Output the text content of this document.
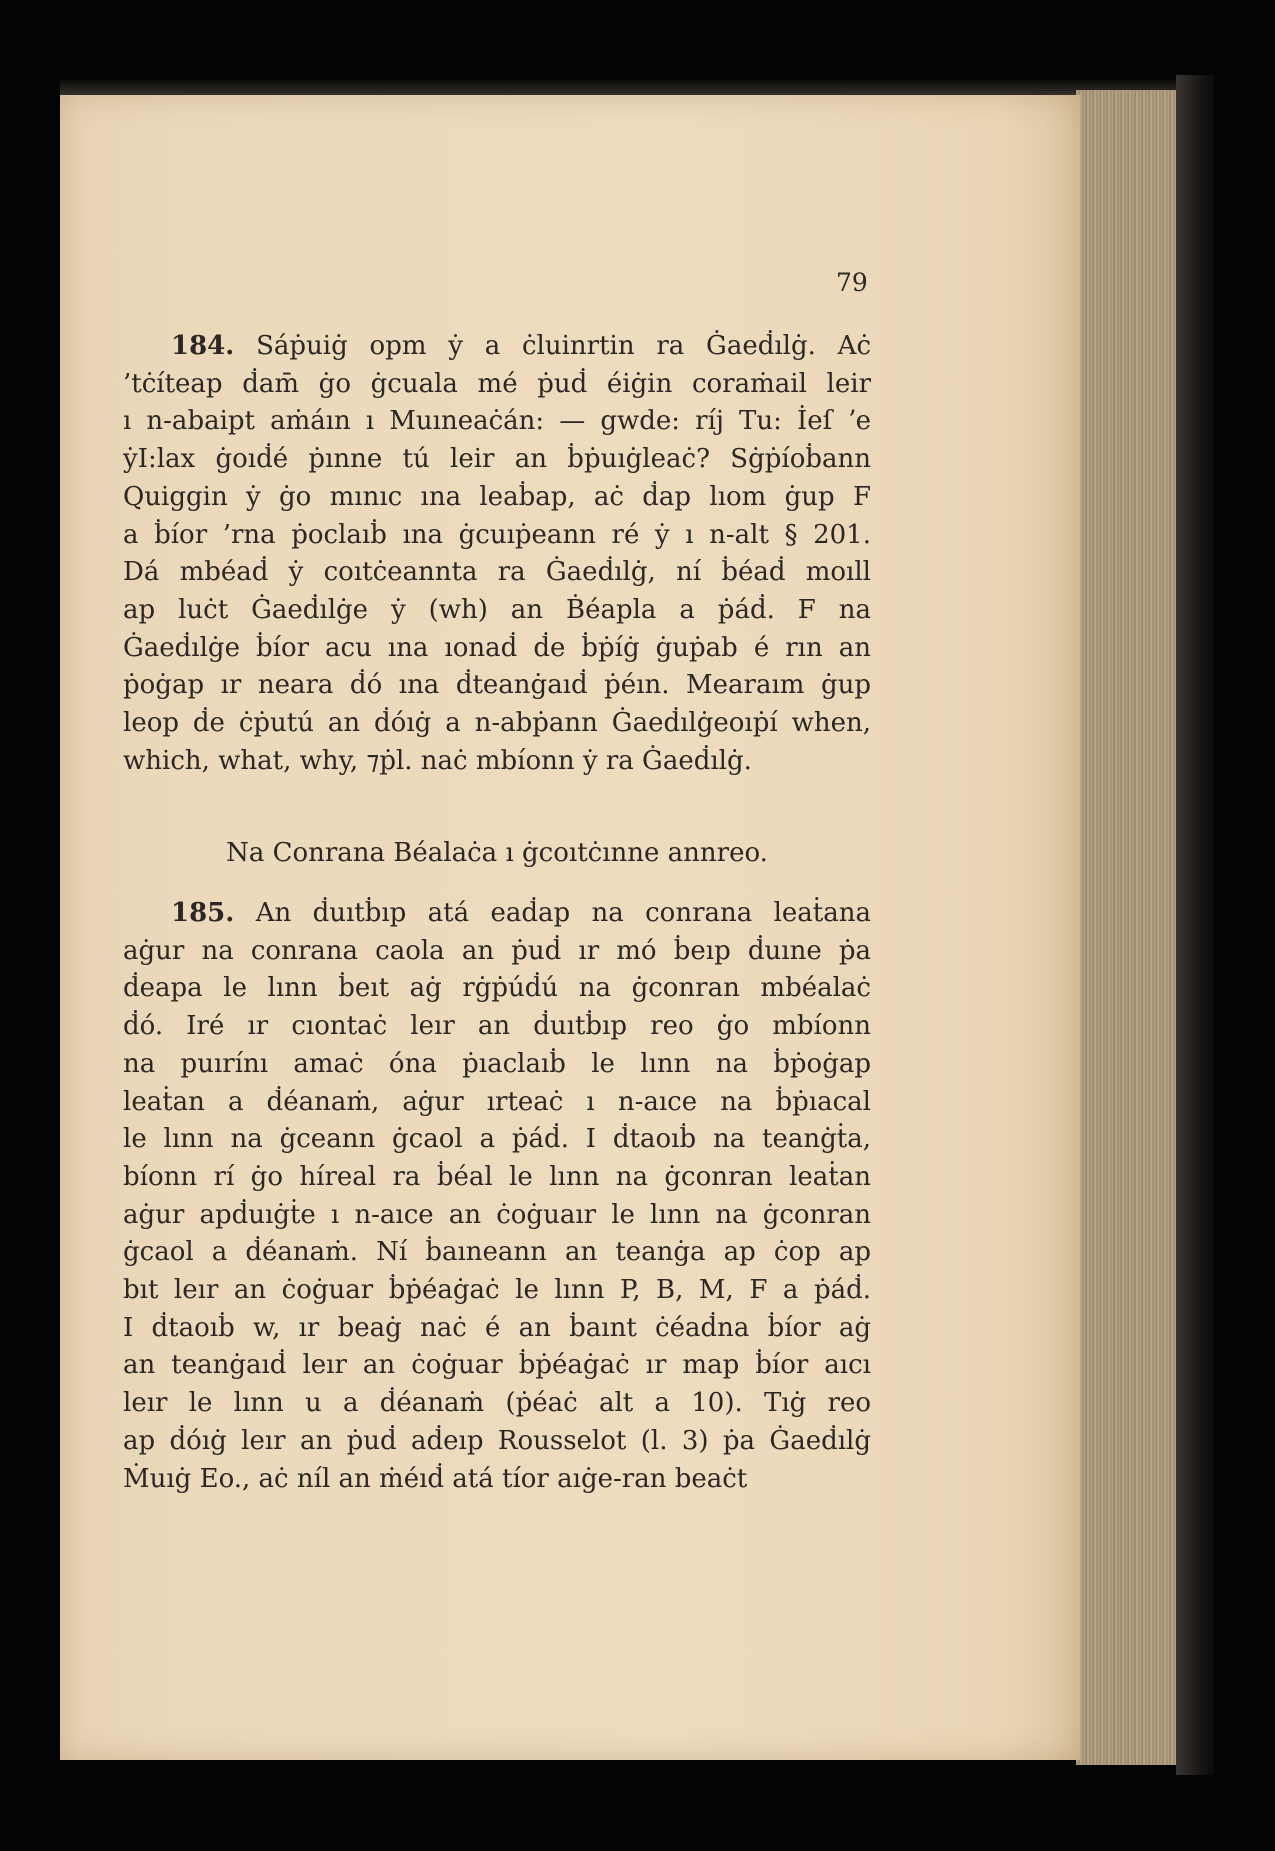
79
184. Sáṗuiġ opm ẏ a ċluinrtin ra Ġaeḋılġ. Aċ
’tċíteap ḋam̄ ġo ġcuala mé ṗuḋ éiġin coraṁail leir
ı n-abaipt aṁáın ı Muıneaċán: — gwde: ríj Tu: İeſ ʼe
ẏI:lax ġoıḋé ṗınne tú leir an ḃṗuıġleaċ? Sġṗíoḃann
Quiggin ẏ ġo mınıc ına leaḃap, aċ ḋap lıom ġup F
a ḃíor ’rna ṗoclaıḃ ına ġcuıṗeann ré ẏ ı n-alt § 201.
Dá mbéaḋ ẏ coıtċeannta ra Ġaeḋılġ, ní ḃéaḋ moıll
ap luċt Ġaeḋılġe ẏ (wh) an Ḃéapla a ṗáḋ. F na
Ġaeḋılġe ḃíor acu ına ıonaḋ ḋe ḃṗíġ ġuṗab é rın an
ṗoġap ır neara ḋó ına ḋteanġaıḋ ṗéın. Mearaım ġup
leop ḋe ċṗutú an ḋóıġ a n-abṗann Ġaeḋılġeoıṗí when,
which, what, why, ⁊ṗl. naċ mbíonn ẏ ra Ġaeḋılġ.
Na Conrana Béalaċa ı ġcoıtċınne annreo.
185. An ḋuıtḃıp atá eaḋap na conrana leaṫana
aġur na conrana caola an ṗuḋ ır mó ḃeıp ḋuıne ṗa
ḋeapa le lınn ḃeıt aġ rġṗúḋú na ġconran mbéalaċ
ḋó. Iré ır cıontaċ leır an ḋuıtḃıp reo ġo mbíonn
na puırínı amaċ óna ṗıaclaıḃ le lınn na ḃṗoġap
leaṫan a ḋéanaṁ, aġur ırteaċ ı n-aıce na ḃṗıacal
le lınn na ġceann ġcaol a ṗáḋ. I ḋtaoıḃ na teanġṫa,
bíonn rí ġo híreal ra ḃéal le lınn na ġconran leaṫan
aġur apḋuıġṫe ı n-aıce an ċoġuaır le lınn na ġconran
ġcaol a ḋéanaṁ. Ní ḃaıneann an teanġa ap ċop ap
bıt leır an ċoġuar ḃṗéaġaċ le lınn P, B, M, F a ṗáḋ.
I ḋtaoıḃ w, ır beaġ naċ é an ḃaınt ċéaḋna ḃíor aġ
an teanġaıḋ leır an ċoġuar ḃṗéaġaċ ır map ḃíor aıcı
leır le lınn u a ḋéanaṁ (ṗéaċ alt a 10). Tıġ reo
ap ḋóıġ leır an ṗuḋ aḋeıp Rousselot (l. 3) ṗa Ġaeḋılġ
Ṁuıġ Eo., aċ níl an ṁéıḋ atá tíor aıġe-ran beaċt
